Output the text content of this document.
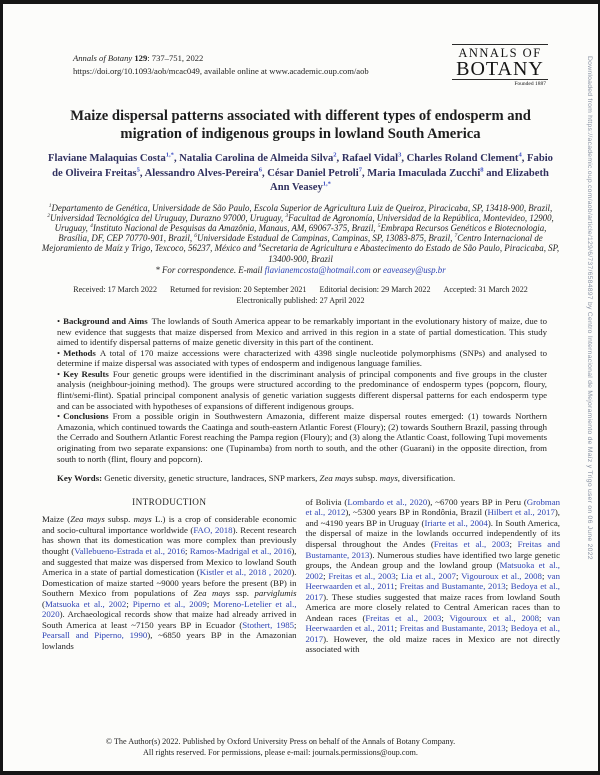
Annals of Botany 129: 737–751, 2022
https://doi.org/10.1093/aob/mcac049, available online at www.academic.oup.com/aob
ANNALS OF
BOTANY
Founded 1887
Maize dispersal patterns associated with different types of endosperm and migration of indigenous groups in lowland South America
Flaviane Malaquias Costa$^{1,*}$, Natalia Carolina de Almeida Silva$^2$, Rafael Vidal$^3$, Charles Roland Clement$^4$, Fabio de Oliveira Freitas$^5$, Alessandro Alves-Pereira$^6$, César Daniel Petroli$^7$, Maria Imaculada Zucchi$^8$ and Elizabeth Ann Veasey$^{1,*}$
$^1$Departamento de Genética, Universidade de São Paulo, Escola Superior de Agricultura Luiz de Queiroz, Piracicaba, SP, 13418-900, Brazil, $^2$Universidad Tecnológica del Uruguay, Durazno 97000, Uruguay, $^3$Facultad de Agronomía, Universidad de la República, Montevideo, 12900, Uruguay, $^4$Instituto Nacional de Pesquisas da Amazônia, Manaus, AM, 69067-375, Brazil, $^5$Embrapa Recursos Genéticos e Biotecnologia, Brasília, DF, CEP 70770-901, Brazil, $^6$Universidade Estadual de Campinas, Campinas, SP, 13083-875, Brazil, $^7$Centro Internacional de Mejoramiento de Maíz y Trigo, Texcoco, 56237, México and $^8$Secretaria de Agricultura e Abastecimento do Estado de São Paulo, Piracicaba, SP, 13400-900, Brazil
* For correspondence. E-mail flavianemcosta@hotmail.com or eaveasey@usp.br
Received: 17 March 2022 Returned for revision: 20 September 2021 Editorial decision: 29 March 2022 Accepted: 31 March 2022
Electronically published: 27 April 2022

• Background and Aims The lowlands of South America appear to be remarkably important in the evolutionary history of maize, due to new evidence that suggests that maize dispersed from Mexico and arrived in this region in a state of partial domestication. This study aimed to identify dispersal patterns of maize genetic diversity in this part of the continent.

• Methods A total of 170 maize accessions were characterized with 4398 single nucleotide polymorphisms (SNPs) and analysed to determine if maize dispersal was associated with types of endosperm and indigenous language families.

• Key Results Four genetic groups were identified in the discriminant analysis of principal components and five groups in the cluster analysis (neighbour-joining method). The groups were structured according to the predominance of endosperm types (popcorn, floury, flint/semi-flint). Spatial principal component analysis of genetic variation suggests different dispersal patterns for each endosperm type and can be associated with hypotheses of expansions of different indigenous groups.

• Conclusions From a possible origin in Southwestern Amazonia, different maize dispersal routes emerged: (1) towards Northern Amazonia, which continued towards the Caatinga and south-eastern Atlantic Forest (Floury); (2) towards Southern Brazil, passing through the Cerrado and Southern Atlantic Forest reaching the Pampa region (Floury); and (3) along the Atlantic Coast, following Tupi movements originating from two separate expansions: one (Tupinamba) from north to south, and the other (Guarani) in the opposite direction, from south to north (flint, floury and popcorn).

Key Words: Genetic diversity, genetic structure, landraces, SNP markers, Zea mays subsp. mays, diversification.
INTRODUCTION
Maize (Zea mays subsp. mays L.) is a crop of considerable economic and socio-cultural importance worldwide (FAO, 2018). Recent research has shown that its domestication was more complex than previously thought (Vallebueno-Estrada et al., 2016; Ramos-Madrigal et al., 2016), and suggested that maize was dispersed from Mexico to lowland South America in a state of partial domestication (Kistler et al., 2018 , 2020). Domestication of maize started ~9000 years before the present (BP) in Southern Mexico from populations of Zea mays ssp. parviglumis (Matsuoka et al., 2002; Piperno et al., 2009; Moreno-Letelier et al., 2020). Archaeological records show that maize had already arrived in South America at least ~7150 years BP in Ecuador (Stothert, 1985; Pearsall and Piperno, 1990), ~6850 years BP in the Amazonian lowlands
of Bolivia (Lombardo et al., 2020), ~6700 years BP in Peru (Grobman et al., 2012), ~5300 years BP in Rondônia, Brazil (Hilbert et al., 2017), and ~4190 years BP in Uruguay (Iriarte et al., 2004). In South America, the dispersal of maize in the lowlands occurred independently of its dispersal throughout the Andes (Freitas et al., 2003; Freitas and Bustamante, 2013). Numerous studies have identified two large genetic groups, the Andean group and the lowland group (Matsuoka et al., 2002; Freitas et al., 2003; Lia et al., 2007; Vigouroux et al., 2008; van Heerwaarden et al., 2011; Freitas and Bustamante, 2013; Bedoya et al., 2017). These studies suggested that maize races from lowland South America are more closely related to Central American races than to Andean races (Freitas et al., 2003; Vigouroux et al., 2008; van Heerwaarden et al., 2011; Freitas and Bustamante, 2013; Bedoya et al., 2017). However, the old maize races in Mexico are not directly associated with
© The Author(s) 2022. Published by Oxford University Press on behalf of the Annals of Botany Company.
All rights reserved. For permissions, please e-mail: journals.permissions@oup.com.
Downloaded from https://academic.oup.com/aob/article/129/6/737/6584897 by Centro Internacional de Mejoramiento de Maíz y Trigo user on 06 June 2022
